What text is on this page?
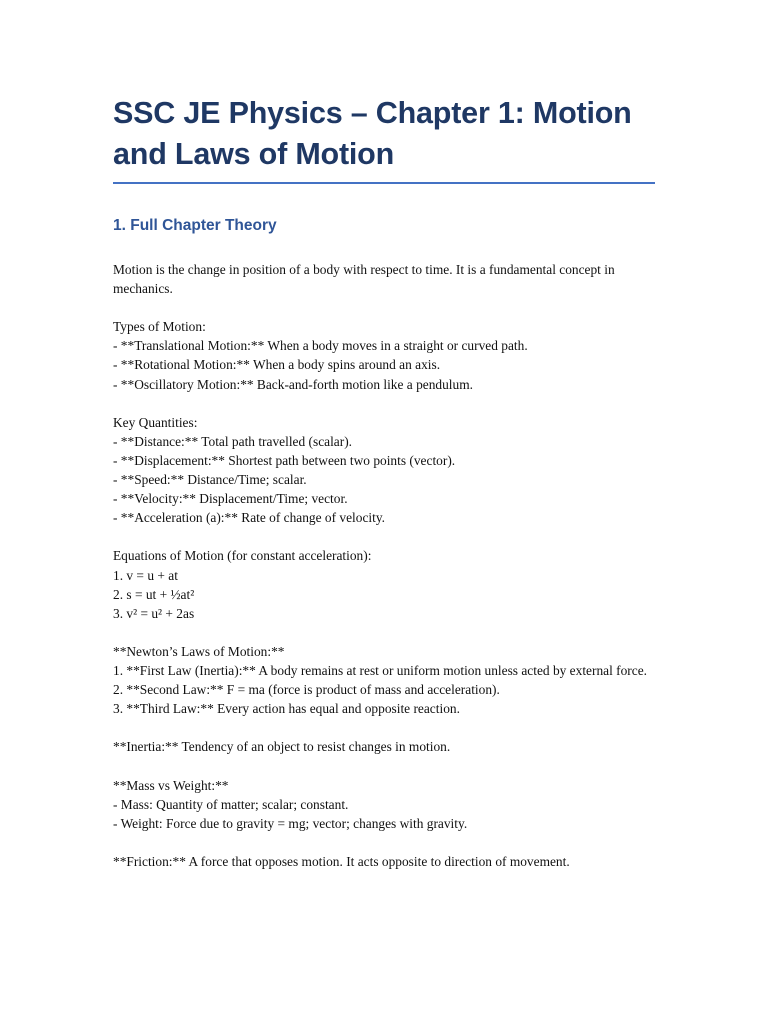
SSC JE Physics – Chapter 1: Motion and Laws of Motion
1. Full Chapter Theory

Motion is the change in position of a body with respect to time. It is a fundamental concept in mechanics.

Types of Motion:

- **Translational Motion:** When a body moves in a straight or curved path.

- **Rotational Motion:** When a body spins around an axis.

- **Oscillatory Motion:** Back-and-forth motion like a pendulum.

Key Quantities:

- **Distance:** Total path travelled (scalar).

- **Displacement:** Shortest path between two points (vector).

- **Speed:** Distance/Time; scalar.

- **Velocity:** Displacement/Time; vector.

- **Acceleration (a):** Rate of change of velocity.

Equations of Motion (for constant acceleration):

1. v = u + at

2. s = ut + ½at²

3. v² = u² + 2as

**Newton’s Laws of Motion:**

1. **First Law (Inertia):** A body remains at rest or uniform motion unless acted by external force.

2. **Second Law:** F = ma (force is product of mass and acceleration).

3. **Third Law:** Every action has equal and opposite reaction.

**Inertia:** Tendency of an object to resist changes in motion.

**Mass vs Weight:**

- Mass: Quantity of matter; scalar; constant.

- Weight: Force due to gravity = mg; vector; changes with gravity.

**Friction:** A force that opposes motion. It acts opposite to direction of movement.
